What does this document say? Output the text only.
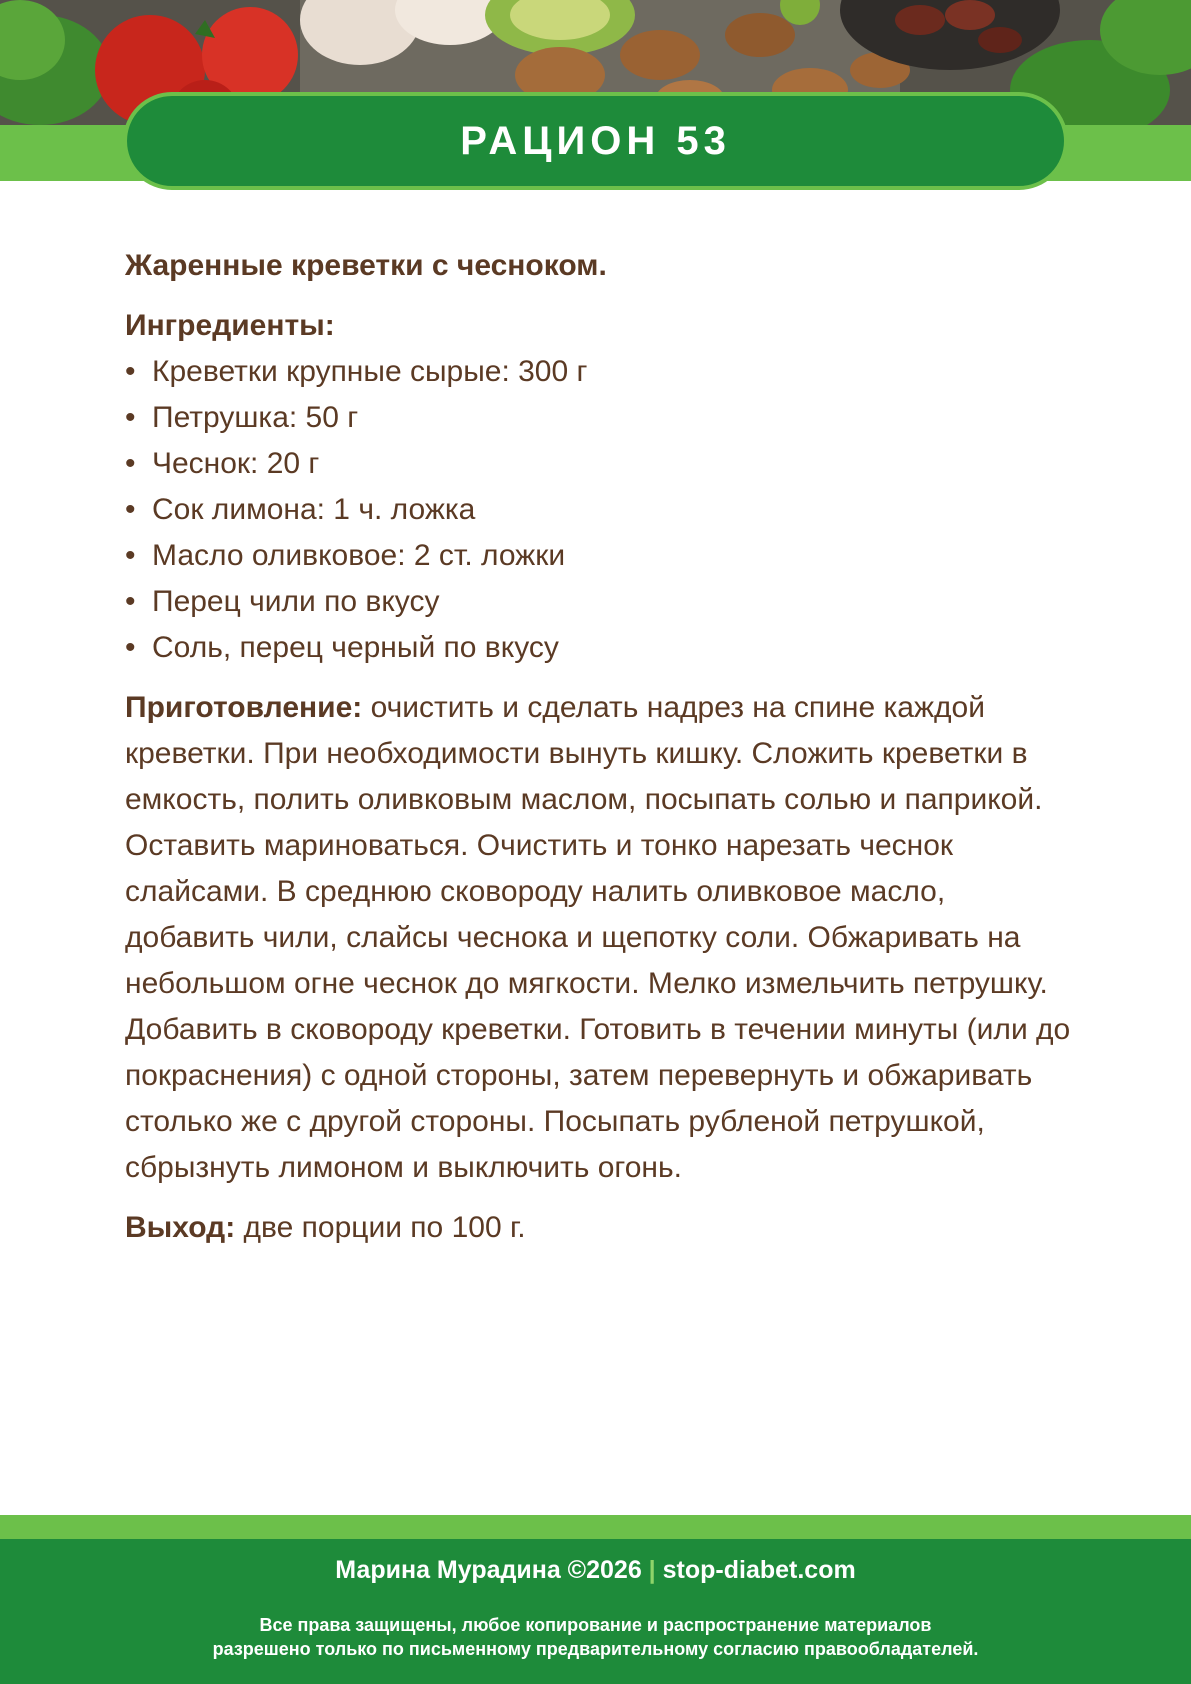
РАЦИОН 53

Жаренные креветки с чесноком.

Ингредиенты:

• Креветки крупные сырые: 300 г
• Петрушка: 50 г
• Чеснок: 20 г
• Сок лимона: 1 ч. ложка
• Масло оливковое: 2 ст. ложки
• Перец чили по вкусу
• Соль, перец черный по вкусу

Приготовление: очистить и сделать надрез на спине каждой креветки. При необходимости вынуть кишку. Сложить креветки в емкость, полить оливковым маслом, посыпать солью и паприкой. Оставить мариноваться. Очистить и тонко нарезать чеснок слайсами. В среднюю сковороду налить оливковое масло, добавить чили, слайсы чеснока и щепотку соли. Обжаривать на небольшом огне чеснок до мягкости. Мелко измельчить петрушку. Добавить в сковороду креветки. Готовить в течении минуты (или до покраснения) с одной стороны, затем перевернуть и обжаривать столько же с другой стороны. Посыпать рубленой петрушкой, сбрызнуть лимоном и выключить огонь.

Выход: две порции по 100 г.

Марина Мурадина ©2026 | stop-diabet.com
Все права защищены, любое копирование и распространение материалов
разрешено только по письменному предварительному согласию правообладателей.
